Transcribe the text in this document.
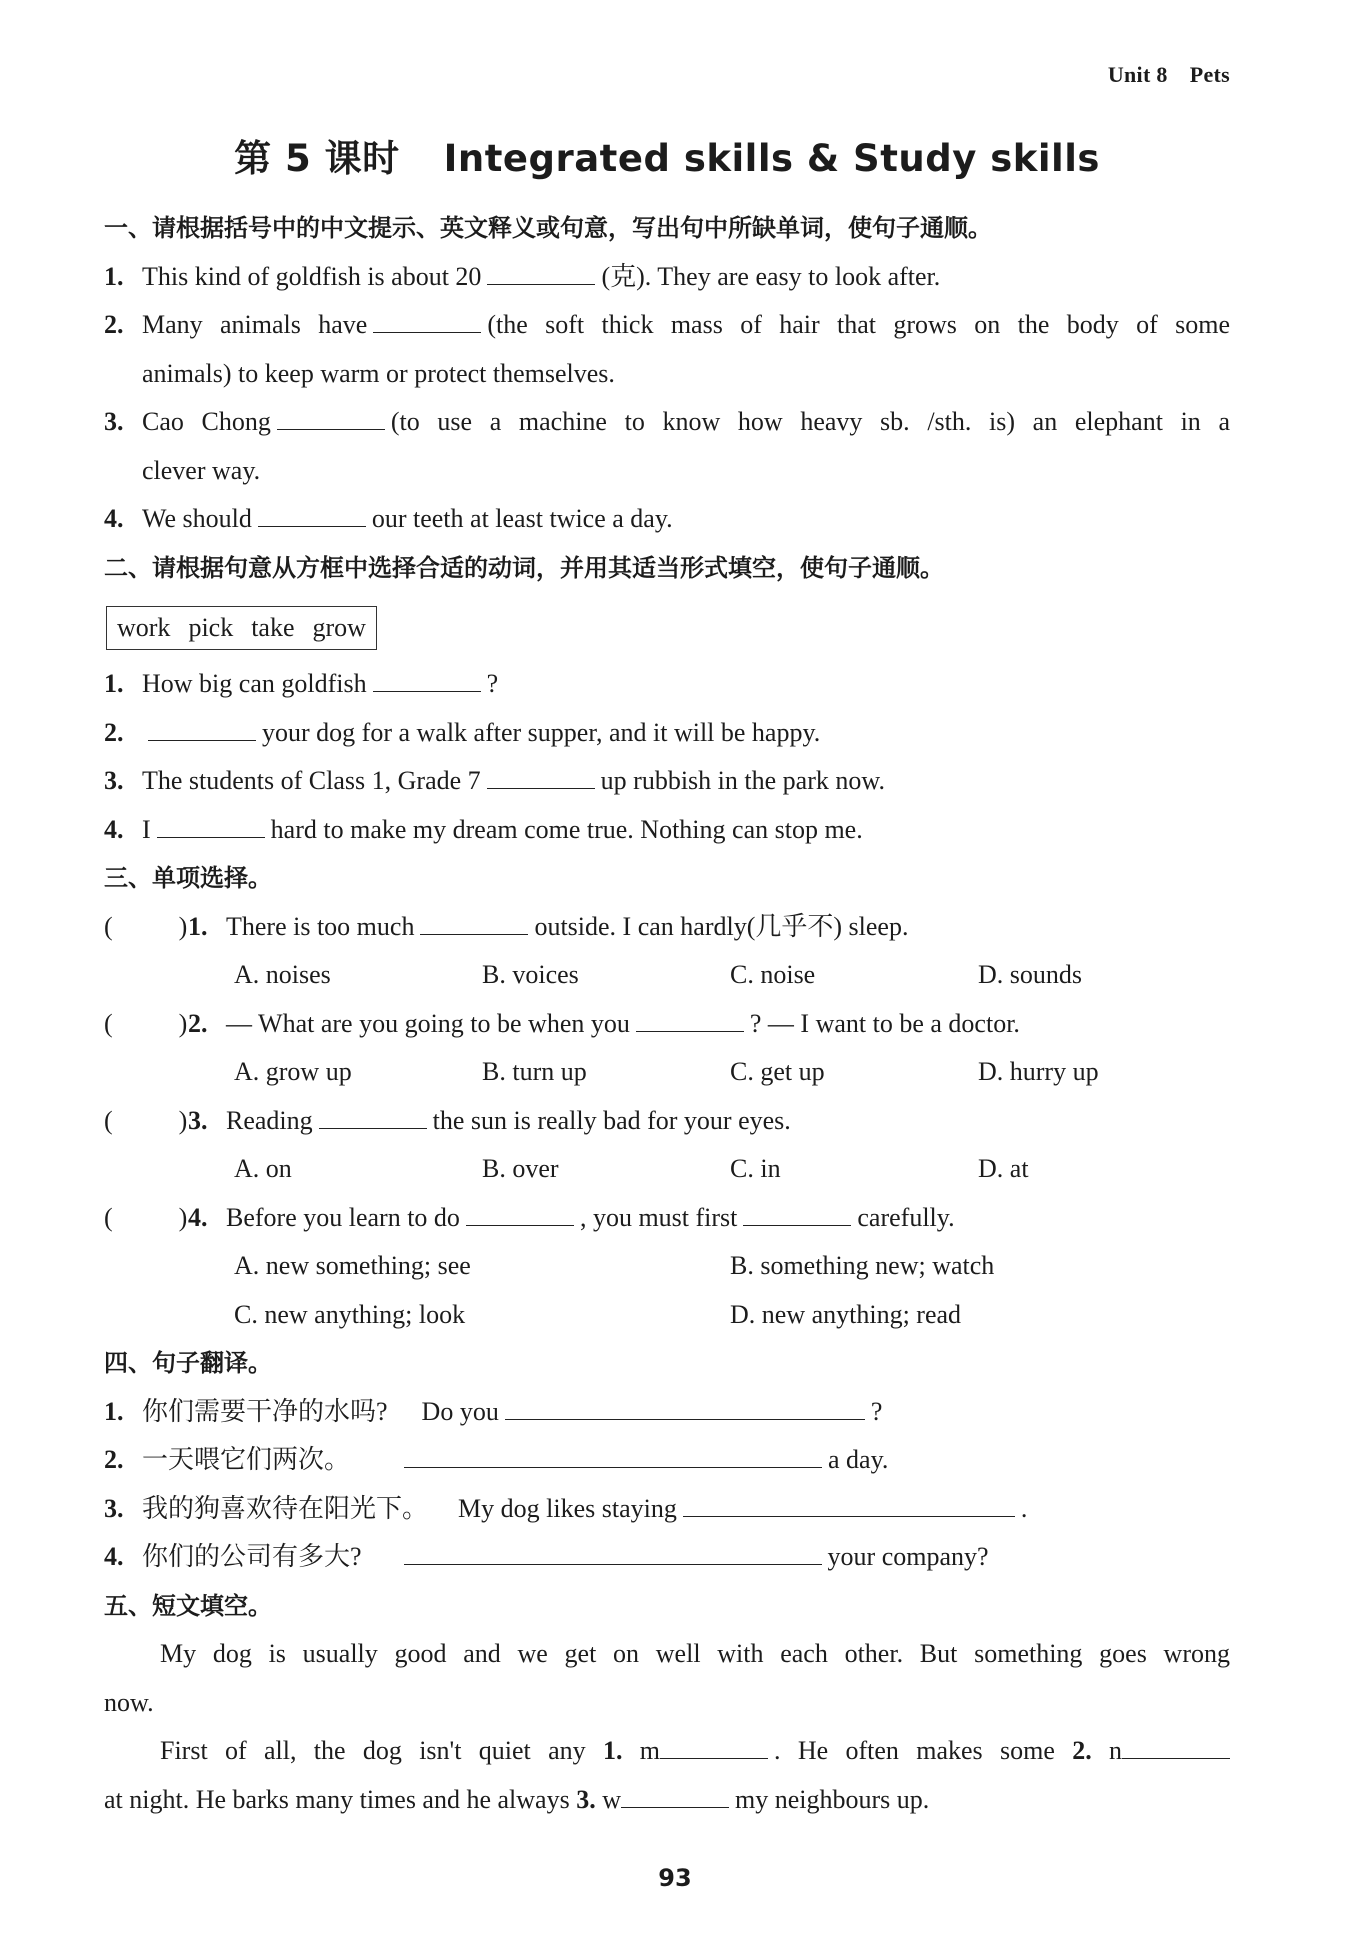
Unit 8 Pets
第 5 课时 Integrated skills & Study skills
一、请根据括号中的中文提示、英文释义或句意，写出句中所缺单词，使句子通顺。
1. This kind of goldfish is about 20	(克). They are easy to look after.
2. Many animals have	(the soft thick mass of hair that grows on the body of some
animals) to keep warm or protect themselves.
3. Cao Chong	(to use a machine to know how heavy sb. /sth. is) an elephant in a
clever way.
4. We should	our teeth at least twice a day.
二、请根据句意从方框中选择合适的动词，并用其适当形式填空，使句子通顺。
work pick take grow
1. How big can goldfish	?
2.	your dog for a walk after supper, and it will be happy.
3. The students of Class 1, Grade 7	up rubbish in the park now.
4. I	hard to make my dream come true. Nothing can stop me.
三、单项选择。
(	) 1. There is too much	outside. I can hardly(几乎不) sleep.
A. noises	B. voices	C. noise	D. sounds
(	) 2. — What are you going to be when you	? — I want to be a doctor.
A. grow up	B. turn up	C. get up	D. hurry up
(	) 3. Reading	the sun is really bad for your eyes.
A. on	B. over	C. in	D. at
(	) 4. Before you learn to do	, you must first	carefully.
A. new something; see	B. something new; watch
C. new anything; look	D. new anything; read
四、句子翻译。
1. 你们需要干净的水吗? Do you	?
2. 一天喂它们两次。	a day.
3. 我的狗喜欢待在阳光下。 My dog likes staying	.
4. 你们的公司有多大?	your company?
五、短文填空。
My dog is usually good and we get on well with each other. But something goes wrong
now.
First of all, the dog isn't quiet any 1. m	. He often makes some 2. n
at night. He barks many times and he always 3. w	my neighbours up.
93
